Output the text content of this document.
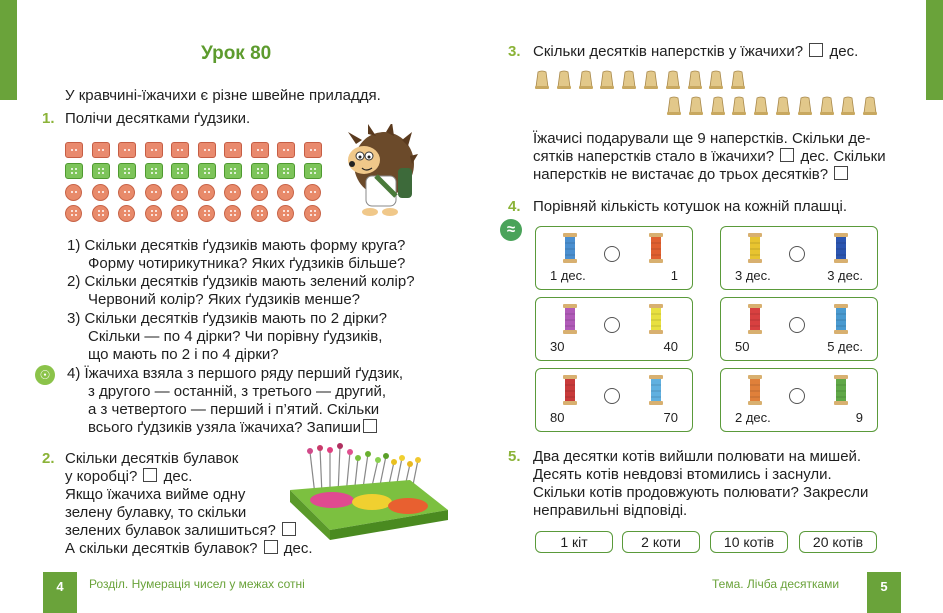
Урок 80
У кравчині-їжачихи є різне швейне приладдя.
1. Полічи десятками ґудзики.
1) Скільки десятків ґудзиків мають форму круга?
Форму чотирикутника? Яких ґудзиків більше?
2) Скільки десятків ґудзиків мають зелений колір?
Червоний колір? Яких ґудзиків менше?
3) Скільки десятків ґудзиків мають по 2 дірки?
Скільки — по 4 дірки? Чи порівну ґудзиків,
що мають по 2 і по 4 дірки?
☉	4) Їжачиха взяла з першого ряду перший ґудзик,
з другого — останній, з третього — другий,
а з четвертого — перший і п’ятий. Скільки
всього ґудзиків узяла їжачиха? Запиши
2. Скільки десятків булавок
у коробці? дес.
Якщо їжачиха вийме одну
зелену булавку, то скільки
зелених булавок залишиться?
А скільки десятків булавок? дес.
4	Розділ. Нумерація чисел у межах сотні
3. Скільки десятків наперстків у їжачихи? дес.
Їжачисі подарували ще 9 наперстків. Скільки де-
сятків наперстків стало в їжачихи? дес. Скільки
наперстків не вистачає до трьох десятків?
4. Порівняй кількість котушок на кожній плашці.
≈
1 дес.	1	3 дес.	3 дес.
30	40	50	5 дес.
80	70	2 дес.	9
5. Два десятки котів вийшли полювати на мишей.
Десять котів невдовзі втомились і заснули.
Скільки котів продовжують полювати? Закресли
неправильні відповіді.
1 кіт	2 коти	10 котів	20 котів
5
Тема. Лічба десятками
